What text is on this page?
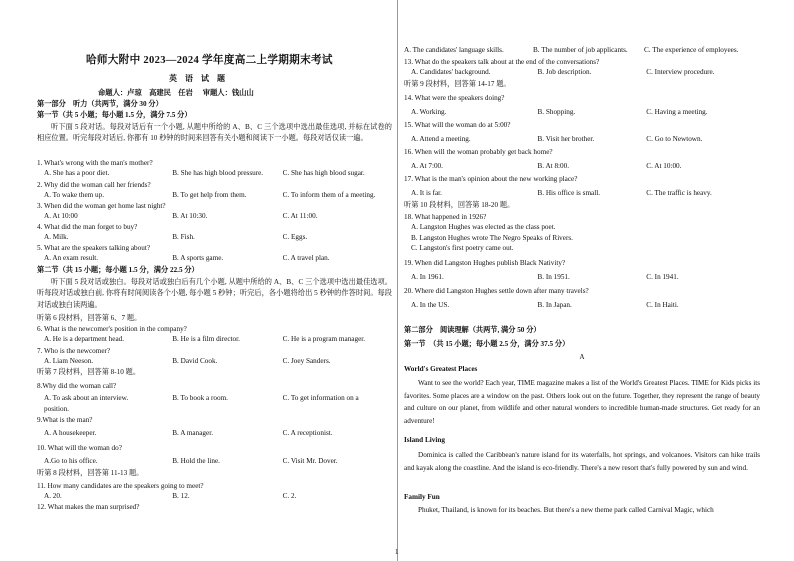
哈师大附中 2023—2024 学年度高二上学期期末考试
英 语 试 题
命题人：卢琼　高建民　任岩 审题人：钱山山
第一部分　听力（共两节，满分 30 分）
第一节（共 5 小题；每小题 1.5 分，满分 7.5 分）
听下面 5 段对话。每段对话后有一个小题, 从题中所给的 A、B、C 三个选项中选出最佳选项, 并标在试卷的相应位置。听完每段对话后, 你都有 10 秒钟的时间来回答有关小题和阅读下一小题。每段对话仅读一遍。

1. What's wrong with the man's mother?

A. She has a poor diet.	B. She has high blood pressure.	C. She has high blood sugar.

2. Why did the woman call her friends?

A. To wake them up.	B. To get help from them.	C. To inform them of a meeting.

3. When did the woman get home last night?

A. At 10:00	B. At 10:30.	C. At 11:00.

4. What did the man forget to buy?

A. Milk.	B. Fish.	C. Eggs.

5. What are the speakers talking about?

A. An exam result.	B. A sports game.	C. A travel plan.
第二节（共 15 小题；每小题 1.5 分，满分 22.5 分）
听下面 5 段对话或独白。每段对话或独白后有几个小题, 从题中所给的 A、B、C 三个选项中选出最佳选项。听每段对话或独白前, 你将有时间阅读各个小题, 每小题 5 秒钟；听完后，各小题将给出 5 秒钟的作答时间。每段对话或独白读两遍。
听第 6 段材料，回答第 6、7 题。

6. What is the newcomer's position in the company?

A. He is a department head.	B. He is a film director.	C. He is a program manager.

7. Who is the newcomer?

A. Liam Neeson.	B. David Cook.	C. Joey Sanders.
听第 7 段材料，回答第 8-10 题。

8.Why did the woman call?

A. To ask about an interview.	B. To book a room.	C. To get information on a

position.

9.What is the man?

A. A housekeeper.	B. A manager.	C. A receptionist.

10. What will the woman do?

A.Go to his office.	B. Hold the line.	C. Visit Mr. Dover.
听第 8 段材料，回答第 11-13 题。

11. How many candidates are the speakers going to meet?

A. 20.	B. 12.	C. 2.
12. What makes the man surprised?
A. The candidates' language skills.	B. The number of job applicants.	C. The experience of employees.

13. What do the speakers talk about at the end of the conversations?

A. Candidates' background.	B. Job description.	C. Interview procedure.
听第 9 段材料，回答第 14-17 题。

14. What were the speakers doing?

A. Working.	B. Shopping.	C. Having a meeting.

15. What will the woman do at 5:00?

A. Attend a meeting.	B. Visit her brother.	C. Go to Newtown.

16. When will the woman probably get back home?

A. At 7:00.	B. At 8:00.	C. At 10:00.

17. What is the man's opinion about the new working place?

A. It is far.	B. His office is small.	C. The traffic is heavy.
听第 10 段材料，回答第 18-20 题。

18. What happened in 1926?

A. Langston Hughes was elected as the class poet.

B. Langston Hughes wrote The Negro Speaks of Rivers.

C. Langston's first poetry came out.

19. When did Langston Hughes publish Black Nativity?

A. In 1961.	B. In 1951.	C. In 1941.

20. Where did Langston Hughes settle down after many travels?

A. In the US.	B. In Japan.	C. In Haiti.
第二部分　阅读理解（共两节, 满分 50 分）
第一节　（共 15 小题；每小题 2.5 分，满分 37.5 分）
A
World's Greatest Places
Want to see the world? Each year, TIME magazine makes a list of the World's Greatest Places. TIME for Kids picks its favorites. Some places are a window on the past. Others look out on the future. Together, they represent the range of beauty and culture on our planet, from wildlife and other natural wonders to incredible human-made structures. Get ready for an adventure!
Island Living
Dominica is called the Caribbean's nature island for its waterfalls, hot springs, and volcanoes. Visitors can hike trails and kayak along the coastline. And the island is eco-friendly. There's a new resort that's fully powered by sun and wind.
Family Fun
Phuket, Thailand, is known for its beaches. But there's a new theme park called Carnival Magic, which
1
